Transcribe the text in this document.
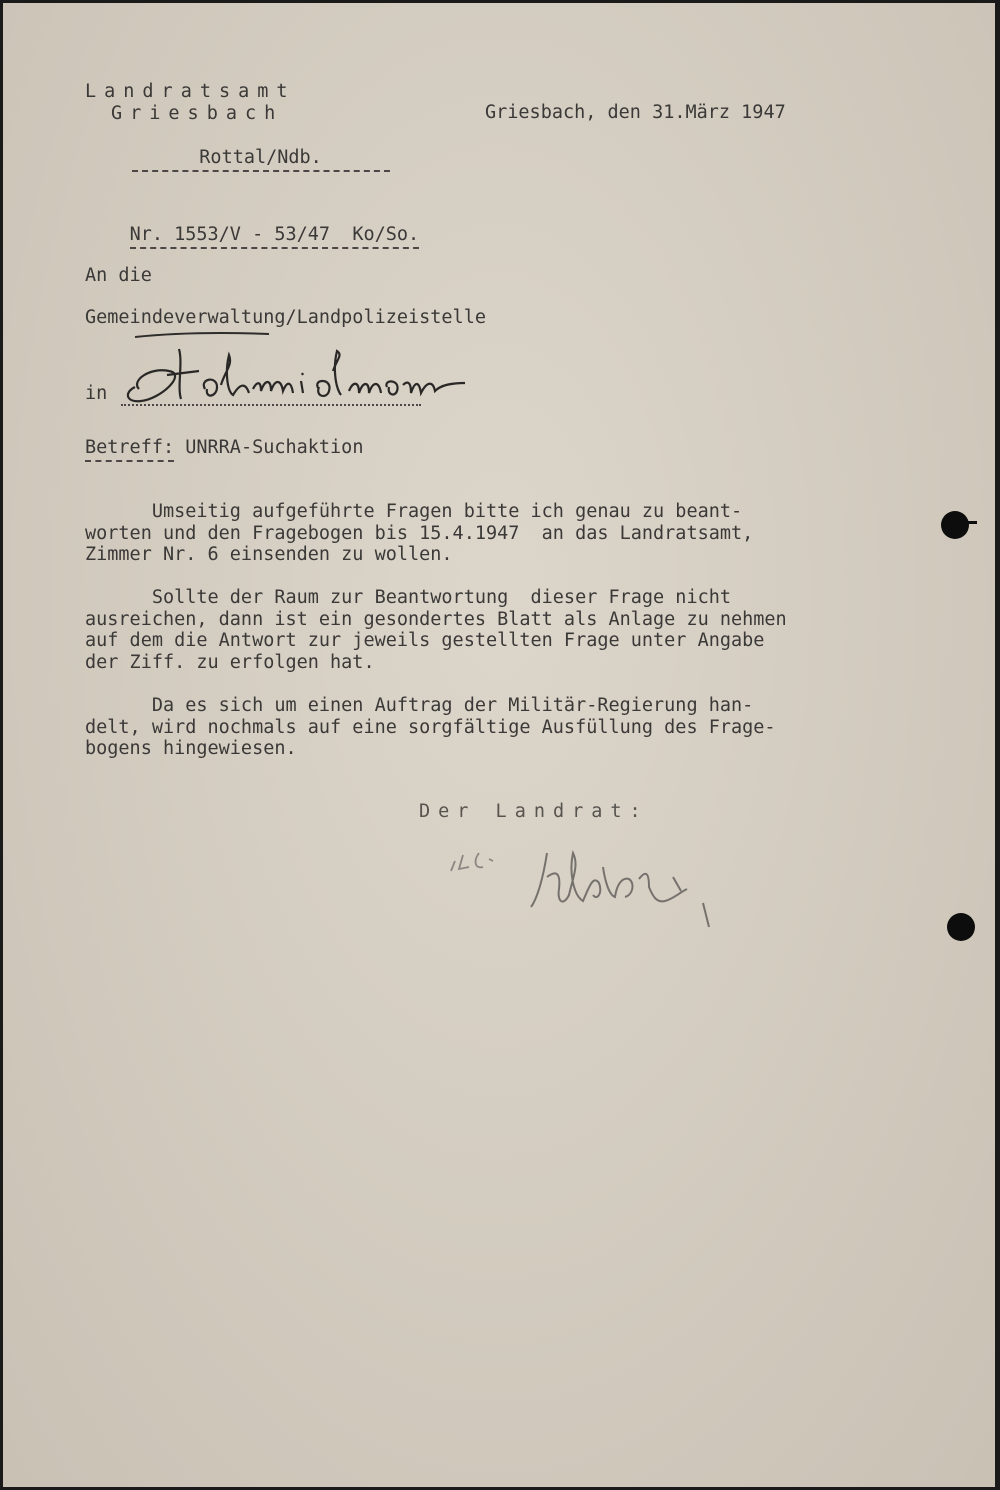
Landratsamt
Griesbach

Rottal/Ndb.

Griesbach, den 31.März 1947

Nr. 1553/V - 53/47  Ko/So.

An die
Gemeindeverwaltung/Landpolizeistelle
in
Betreff: UNRRA-Suchaktion
Umseitig aufgeführte Fragen bitte ich genau zu beant-
worten und den Fragebogen bis 15.4.1947  an das Landratsamt,
Zimmer Nr. 6 einsenden zu wollen.
Sollte der Raum zur Beantwortung  dieser Frage nicht
ausreichen, dann ist ein gesondertes Blatt als Anlage zu nehmen
auf dem die Antwort zur jeweils gestellten Frage unter Angabe
der Ziff. zu erfolgen hat.
Da es sich um einen Auftrag der Militär-Regierung han-
delt, wird nochmals auf eine sorgfältige Ausfüllung des Frage-
bogens hingewiesen.
Der Landrat:
